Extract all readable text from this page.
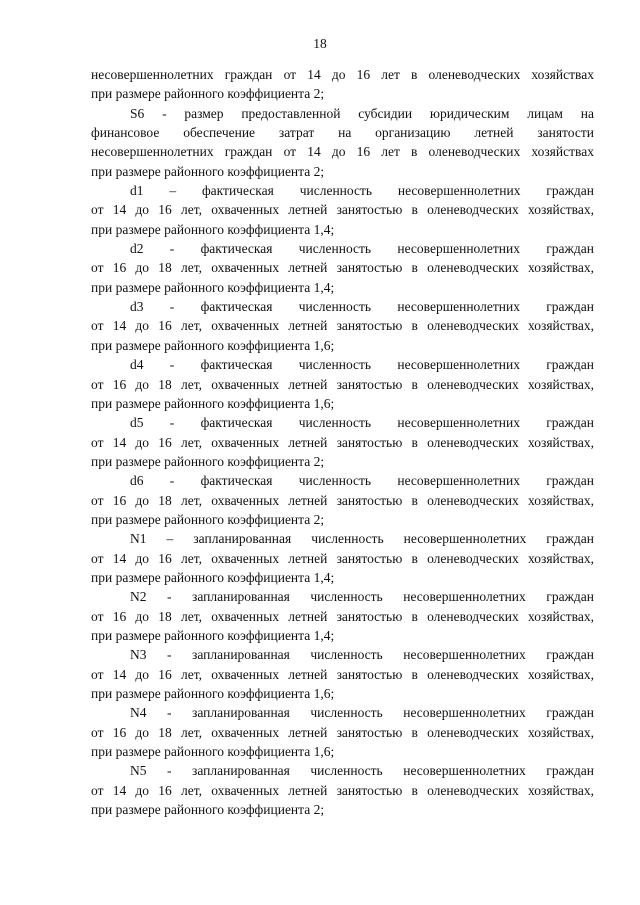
18
несовершеннолетних граждан от 14 до 16 лет в оленеводческих хозяйствах
при размере районного коэффициента 2;
S6 - размер предоставленной субсидии юридическим лицам на
финансовое обеспечение затрат на организацию летней занятости
несовершеннолетних граждан от 14 до 16 лет в оленеводческих хозяйствах
при размере районного коэффициента 2;
d1 – фактическая численность несовершеннолетних граждан
от 14 до 16 лет, охваченных летней занятостью в оленеводческих хозяйствах,
при размере районного коэффициента 1,4;
d2 - фактическая численность несовершеннолетних граждан
от 16 до 18 лет, охваченных летней занятостью в оленеводческих хозяйствах,
при размере районного коэффициента 1,4;
d3 - фактическая численность несовершеннолетних граждан
от 14 до 16 лет, охваченных летней занятостью в оленеводческих хозяйствах,
при размере районного коэффициента 1,6;
d4 - фактическая численность несовершеннолетних граждан
от 16 до 18 лет, охваченных летней занятостью в оленеводческих хозяйствах,
при размере районного коэффициента 1,6;
d5 - фактическая численность несовершеннолетних граждан
от 14 до 16 лет, охваченных летней занятостью в оленеводческих хозяйствах,
при размере районного коэффициента 2;
d6 - фактическая численность несовершеннолетних граждан
от 16 до 18 лет, охваченных летней занятостью в оленеводческих хозяйствах,
при размере районного коэффициента 2;
N1 – запланированная численность несовершеннолетних граждан
от 14 до 16 лет, охваченных летней занятостью в оленеводческих хозяйствах,
при размере районного коэффициента 1,4;
N2 - запланированная численность несовершеннолетних граждан
от 16 до 18 лет, охваченных летней занятостью в оленеводческих хозяйствах,
при размере районного коэффициента 1,4;
N3 - запланированная численность несовершеннолетних граждан
от 14 до 16 лет, охваченных летней занятостью в оленеводческих хозяйствах,
при размере районного коэффициента 1,6;
N4 - запланированная численность несовершеннолетних граждан
от 16 до 18 лет, охваченных летней занятостью в оленеводческих хозяйствах,
при размере районного коэффициента 1,6;
N5 - запланированная численность несовершеннолетних граждан
от 14 до 16 лет, охваченных летней занятостью в оленеводческих хозяйствах,
при размере районного коэффициента 2;
